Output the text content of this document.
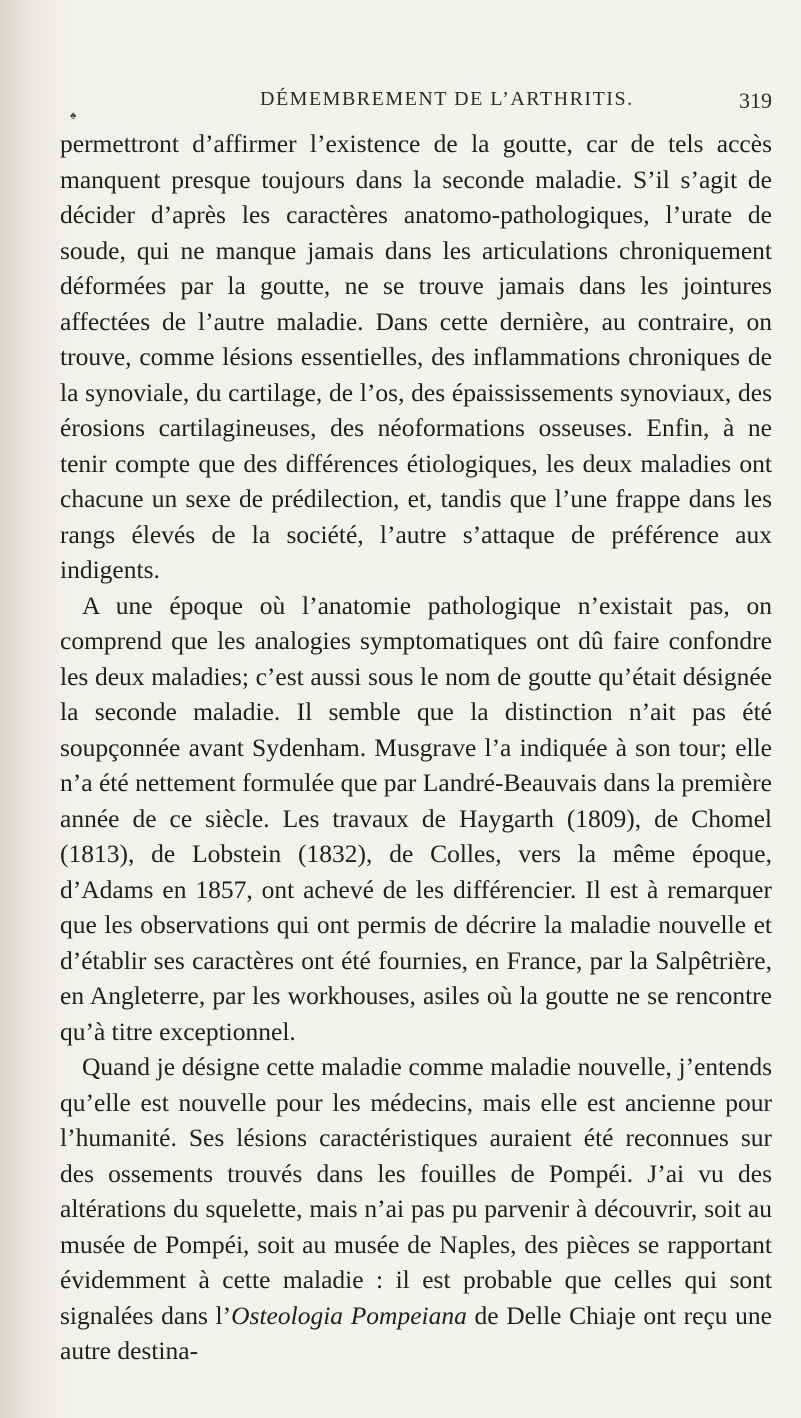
♠
DÉMEMBREMENT DE L’ARTHRITIS.	319

permettront d’affirmer l’existence de la goutte, car de tels accès manquent presque toujours dans la seconde maladie. S’il s’agit de décider d’après les caractères anatomo-pathologiques, l’urate de soude, qui ne manque jamais dans les articulations chroniquement déformées par la goutte, ne se trouve jamais dans les jointures affectées de l’autre maladie. Dans cette dernière, au contraire, on trouve, comme lésions essentielles, des inflammations chroniques de la synoviale, du cartilage, de l’os, des épaississements synoviaux, des érosions cartilagineuses, des néoformations osseuses. Enfin, à ne tenir compte que des différences étiologiques, les deux maladies ont chacune un sexe de prédilection, et, tandis que l’une frappe dans les rangs élevés de la société, l’autre s’attaque de préférence aux indigents.

A une époque où l’anatomie pathologique n’existait pas, on comprend que les analogies symptomatiques ont dû faire confondre les deux maladies; c’est aussi sous le nom de goutte qu’était désignée la seconde maladie. Il semble que la distinction n’ait pas été soupçonnée avant Sydenham. Musgrave l’a indiquée à son tour; elle n’a été nettement formulée que par Landré-Beauvais dans la première année de ce siècle. Les travaux de Haygarth (1809), de Chomel (1813), de Lobstein (1832), de Colles, vers la même époque, d’Adams en 1857, ont achevé de les différencier. Il est à remarquer que les observations qui ont permis de décrire la maladie nouvelle et d’établir ses caractères ont été fournies, en France, par la Salpêtrière, en Angleterre, par les workhouses, asiles où la goutte ne se rencontre qu’à titre exceptionnel.

Quand je désigne cette maladie comme maladie nouvelle, j’entends qu’elle est nouvelle pour les médecins, mais elle est ancienne pour l’humanité. Ses lésions caractéristiques auraient été reconnues sur des ossements trouvés dans les fouilles de Pompéi. J’ai vu des altérations du squelette, mais n’ai pas pu parvenir à découvrir, soit au musée de Pompéi, soit au musée de Naples, des pièces se rapportant évidemment à cette maladie : il est probable que celles qui sont signalées dans l’Osteologia Pompeiana de Delle Chiaje ont reçu une autre destina-
